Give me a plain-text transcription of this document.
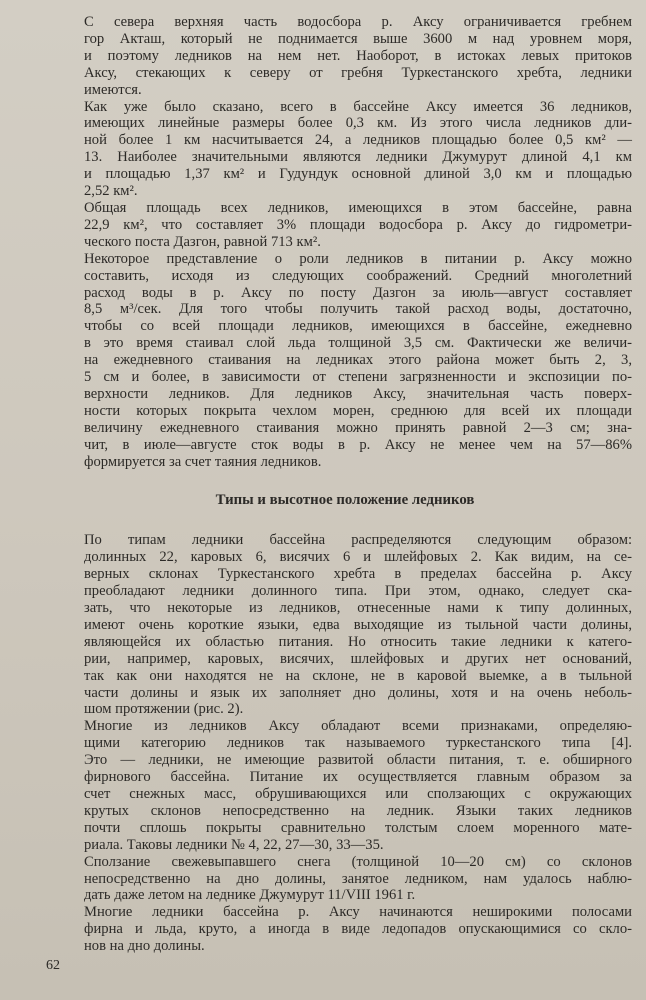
С севера верхняя часть водосбора р. Аксу ограничивается гребнем
гор Акташ, который не поднимается выше 3600 м над уровнем моря,
и поэтому ледников на нем нет. Наоборот, в истоках левых притоков
Аксу, стекающих к северу от гребня Туркестанского хребта, ледники
имеются.

Как уже было сказано, всего в бассейне Аксу имеется 36 ледников,
имеющих линейные размеры более 0,3 км. Из этого числа ледников дли-
ной более 1 км насчитывается 24, а ледников площадью более 0,5 км² —
13. Наиболее значительными являются ледники Джумурут длиной 4,1 км
и площадью 1,37 км² и Гудундук основной длиной 3,0 км и площадью
2,52 км².

Общая площадь всех ледников, имеющихся в этом бассейне, равна
22,9 км², что составляет 3% площади водосбора р. Аксу до гидрометри-
ческого поста Дазгон, равной 713 км².

Некоторое представление о роли ледников в питании р. Аксу можно
составить, исходя из следующих соображений. Средний многолетний
расход воды в р. Аксу по посту Дазгон за июль—август составляет
8,5 м³/сек. Для того чтобы получить такой расход воды, достаточно,
чтобы со всей площади ледников, имеющихся в бассейне, ежедневно
в это время стаивал слой льда толщиной 3,5 см. Фактически же величи-
на ежедневного стаивания на ледниках этого района может быть 2, 3,
5 см и более, в зависимости от степени загрязненности и экспозиции по-
верхности ледников. Для ледников Аксу, значительная часть поверх-
ности которых покрыта чехлом морен, среднюю для всей их площади
величину ежедневного стаивания можно принять равной 2—3 см; зна-
чит, в июле—августе сток воды в р. Аксу не менее чем на 57—86%
формируется за счет таяния ледников.

Типы и высотное положение ледников

По типам ледники бассейна распределяются следующим образом:
долинных 22, каровых 6, висячих 6 и шлейфовых 2. Как видим, на се-
верных склонах Туркестанского хребта в пределах бассейна р. Аксу
преобладают ледники долинного типа. При этом, однако, следует ска-
зать, что некоторые из ледников, отнесенные нами к типу долинных,
имеют очень короткие языки, едва выходящие из тыльной части долины,
являющейся их областью питания. Но относить такие ледники к катего-
рии, например, каровых, висячих, шлейфовых и других нет оснований,
так как они находятся не на склоне, не в каровой выемке, а в тыльной
части долины и язык их заполняет дно долины, хотя и на очень неболь-
шом протяжении (рис. 2).

Многие из ледников Аксу обладают всеми признаками, определяю-
щими категорию ледников так называемого туркестанского типа [4].
Это — ледники, не имеющие развитой области питания, т. е. обширного
фирнового бассейна. Питание их осуществляется главным образом за
счет снежных масс, обрушивающихся или сползающих с окружающих
крутых склонов непосредственно на ледник. Языки таких ледников
почти сплошь покрыты сравнительно толстым слоем моренного мате-
риала. Таковы ледники № 4, 22, 27—30, 33—35.

Сползание свежевыпавшего снега (толщиной 10—20 см) со склонов
непосредственно на дно долины, занятое ледником, нам удалось наблю-
дать даже летом на леднике Джумурут 11/VIII 1961 г.

Многие ледники бассейна р. Аксу начинаются неширокими полосами
фирна и льда, круто, а иногда в виде ледопадов опускающимися со скло-
нов на дно долины.

62
